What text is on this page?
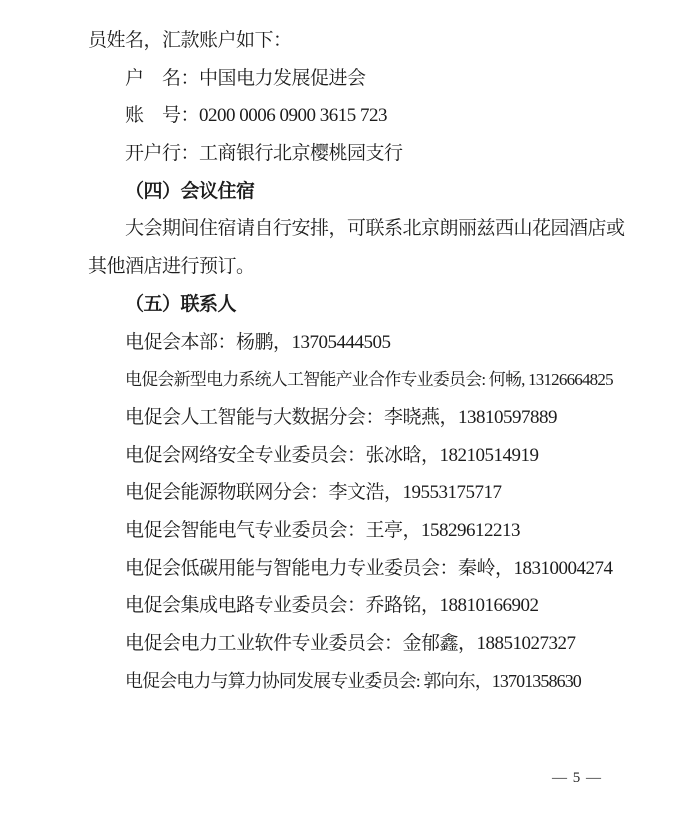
员姓名，汇款账户如下：
户　名：中国电力发展促进会
账　号：0200 0006 0900 3615 723
开户行：工商银行北京樱桃园支行
（四）会议住宿
大会期间住宿请自行安排，可联系北京朗丽兹西山花园酒店或
其他酒店进行预订。
（五）联系人
电促会本部：杨鹏，13705444505
电促会新型电力系统人工智能产业合作专业委员会: 何畅, 13126664825
电促会人工智能与大数据分会：李晓燕，13810597889
电促会网络安全专业委员会：张冰晗，18210514919
电促会能源物联网分会：李文浩，19553175717
电促会智能电气专业委员会：王亭，15829612213
电促会低碳用能与智能电力专业委员会：秦岭，18310004274
电促会集成电路专业委员会：乔路铭，18810166902
电促会电力工业软件专业委员会：金郁鑫，18851027327
电促会电力与算力协同发展专业委员会: 郭向东，13701358630
— 5 —
